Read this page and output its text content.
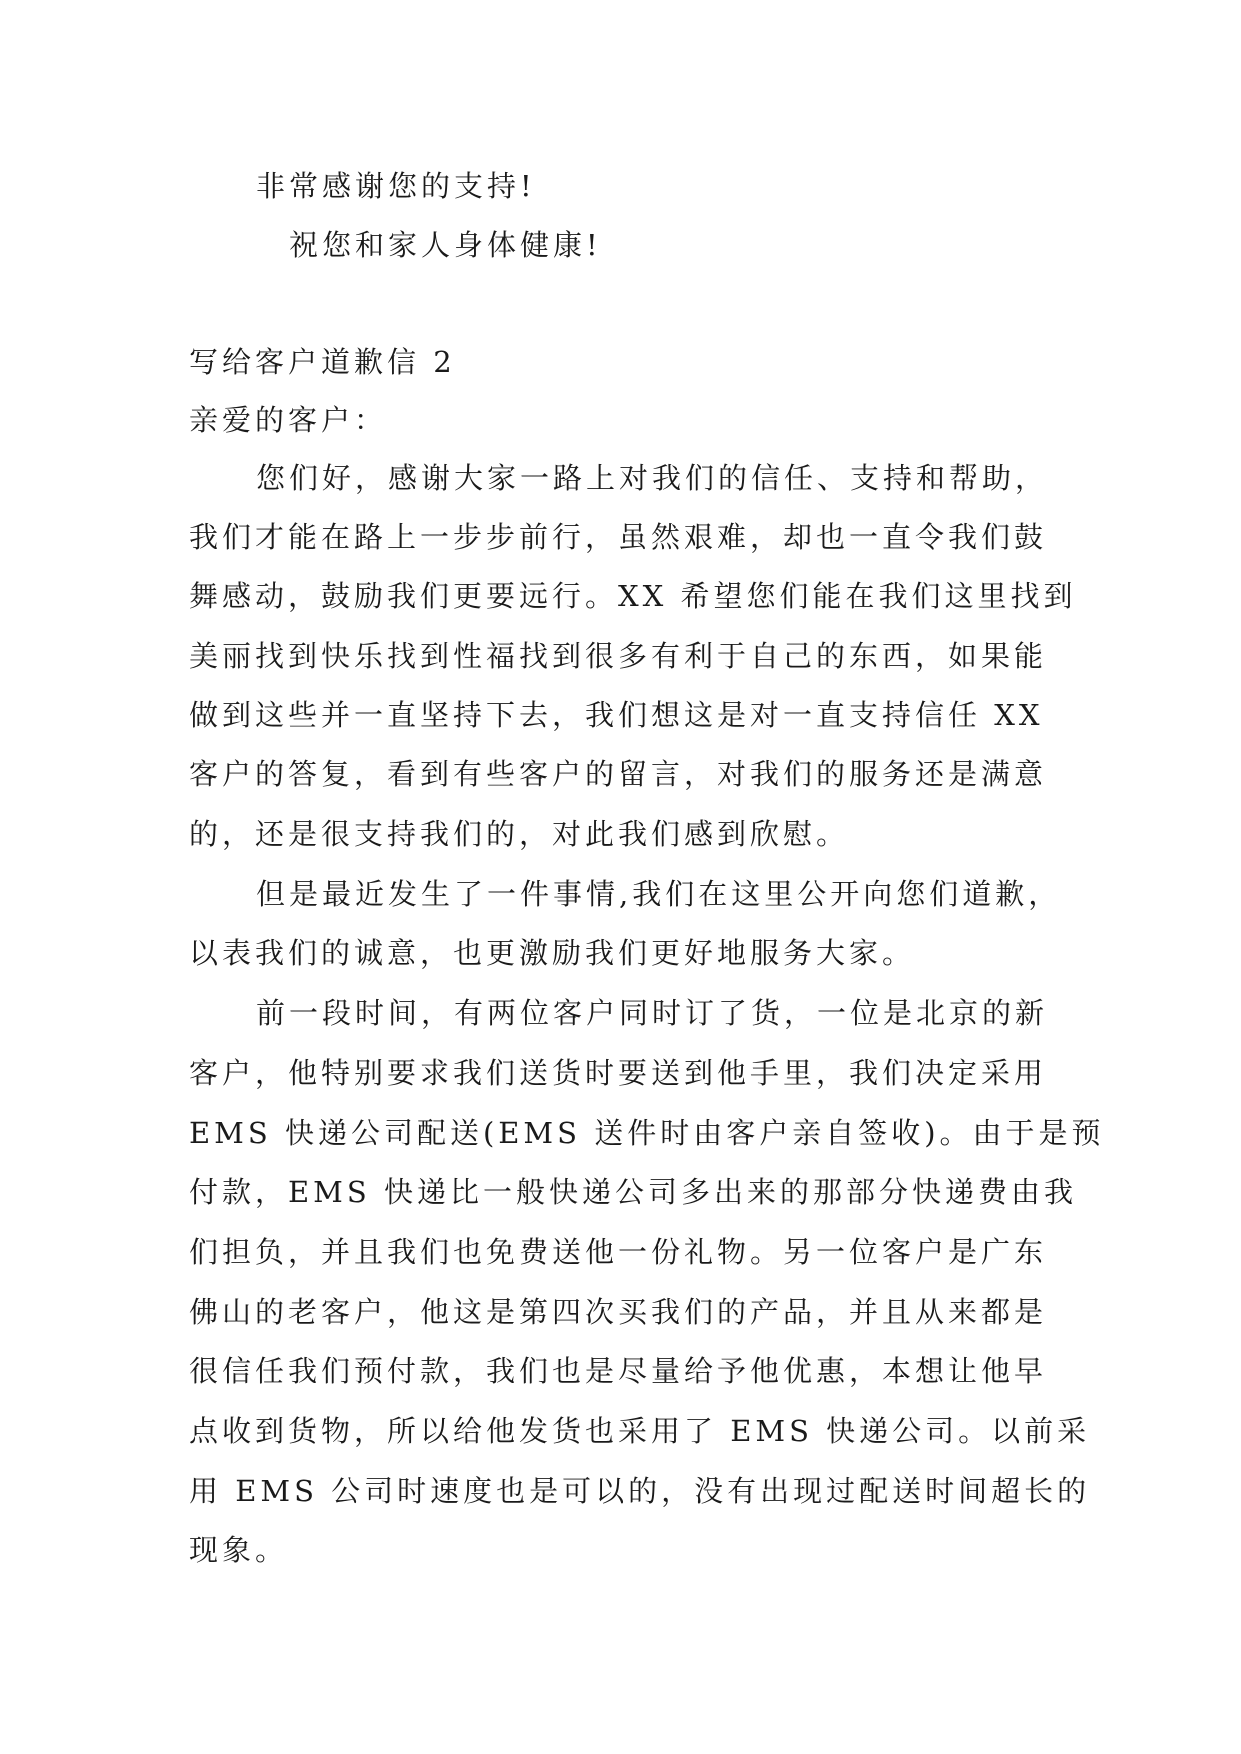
非常感谢您的支持!
祝您和家人身体健康!
写给客户道歉信 2
亲爱的客户：
您们好，感谢大家一路上对我们的信任、支持和帮助，
我们才能在路上一步步前行，虽然艰难，却也一直令我们鼓
舞感动，鼓励我们更要远行。XX 希望您们能在我们这里找到
美丽找到快乐找到性福找到很多有利于自己的东西，如果能
做到这些并一直坚持下去，我们想这是对一直支持信任 XX
客户的答复，看到有些客户的留言，对我们的服务还是满意
的，还是很支持我们的，对此我们感到欣慰。
但是最近发生了一件事情,我们在这里公开向您们道歉，
以表我们的诚意，也更激励我们更好地服务大家。
前一段时间，有两位客户同时订了货，一位是北京的新
客户，他特别要求我们送货时要送到他手里，我们决定采用
EMS 快递公司配送(EMS 送件时由客户亲自签收)。由于是预
付款，EMS 快递比一般快递公司多出来的那部分快递费由我
们担负，并且我们也免费送他一份礼物。另一位客户是广东
佛山的老客户，他这是第四次买我们的产品，并且从来都是
很信任我们预付款，我们也是尽量给予他优惠，本想让他早
点收到货物，所以给他发货也采用了 EMS 快递公司。以前采
用 EMS 公司时速度也是可以的，没有出现过配送时间超长的
现象。
